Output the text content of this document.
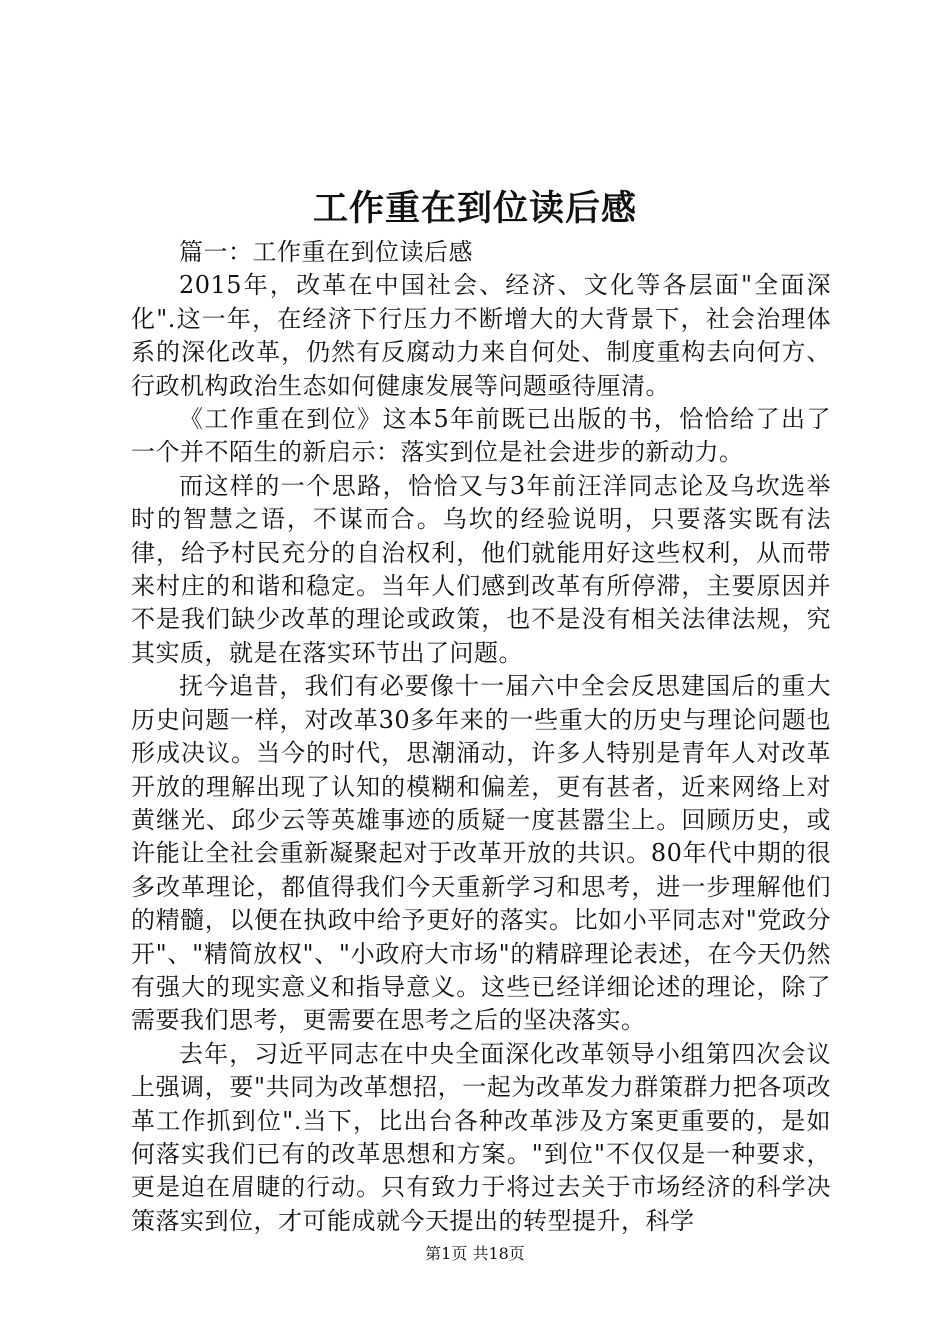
工作重在到位读后感

篇一：工作重在到位读后感

2015年，改革在中国社会、经济、文化等各层面"全面深化".这一年，在经济下行压力不断增大的大背景下，社会治理体系的深化改革，仍然有反腐动力来自何处、制度重构去向何方、行政机构政治生态如何健康发展等问题亟待厘清。

《工作重在到位》这本5年前既已出版的书，恰恰给了出了一个并不陌生的新启示：落实到位是社会进步的新动力。

而这样的一个思路，恰恰又与3年前汪洋同志论及乌坎选举时的智慧之语，不谋而合。乌坎的经验说明，只要落实既有法律，给予村民充分的自治权利，他们就能用好这些权利，从而带来村庄的和谐和稳定。当年人们感到改革有所停滞，主要原因并不是我们缺少改革的理论或政策，也不是没有相关法律法规，究其实质，就是在落实环节出了问题。

抚今追昔，我们有必要像十一届六中全会反思建国后的重大历史问题一样，对改革30多年来的一些重大的历史与理论问题也形成决议。当今的时代，思潮涌动，许多人特别是青年人对改革开放的理解出现了认知的模糊和偏差，更有甚者，近来网络上对黄继光、邱少云等英雄事迹的质疑一度甚嚣尘上。回顾历史，或许能让全社会重新凝聚起对于改革开放的共识。80年代中期的很多改革理论，都值得我们今天重新学习和思考，进一步理解他们的精髓，以便在执政中给予更好的落实。比如小平同志对"党政分开"、"精简放权"、"小政府大市场"的精辟理论表述，在今天仍然有强大的现实意义和指导意义。这些已经详细论述的理论，除了需要我们思考，更需要在思考之后的坚决落实。

去年，习近平同志在中央全面深化改革领导小组第四次会议上强调，要"共同为改革想招，一起为改革发力群策群力把各项改革工作抓到位".当下，比出台各种改革涉及方案更重要的，是如何落实我们已有的改革思想和方案。"到位"不仅仅是一种要求，更是迫在眉睫的行动。只有致力于将过去关于市场经济的科学决策落实到位，才可能成就今天提出的转型提升，科学

第1页 共18页
